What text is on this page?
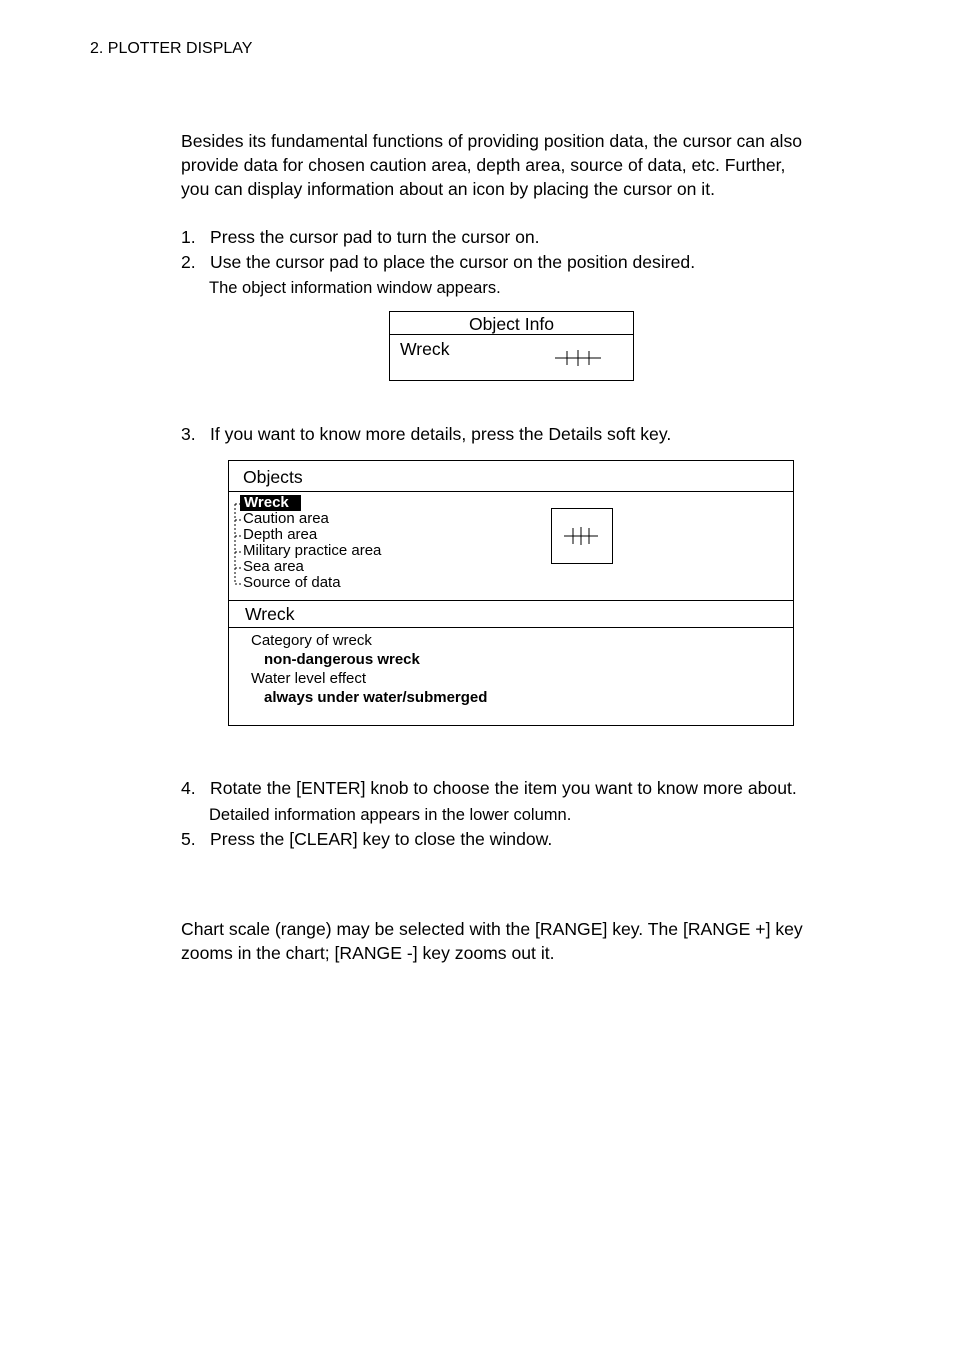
2. PLOTTER DISPLAY
Besides its fundamental functions of providing position data, the cursor can also
provide data for chosen caution area, depth area, source of data, etc. Further,
you can display information about an icon by placing the cursor on it.
1. Press the cursor pad to turn the cursor on.
2. Use the cursor pad to place the cursor on the position desired.
The object information window appears.
Object Info
Wreck
3. If you want to know more details, press the Details soft key.
Objects
Wreck
Caution area
Depth area
Military practice area
Sea area
Source of data
Wreck
Category of wreck
non-dangerous wreck
Water level effect
always under water/submerged
4. Rotate the [ENTER] knob to choose the item you want to know more about.
Detailed information appears in the lower column.
5. Press the [CLEAR] key to close the window.
Chart scale (range) may be selected with the [RANGE] key. The [RANGE +] key
zooms in the chart; [RANGE -] key zooms out it.
